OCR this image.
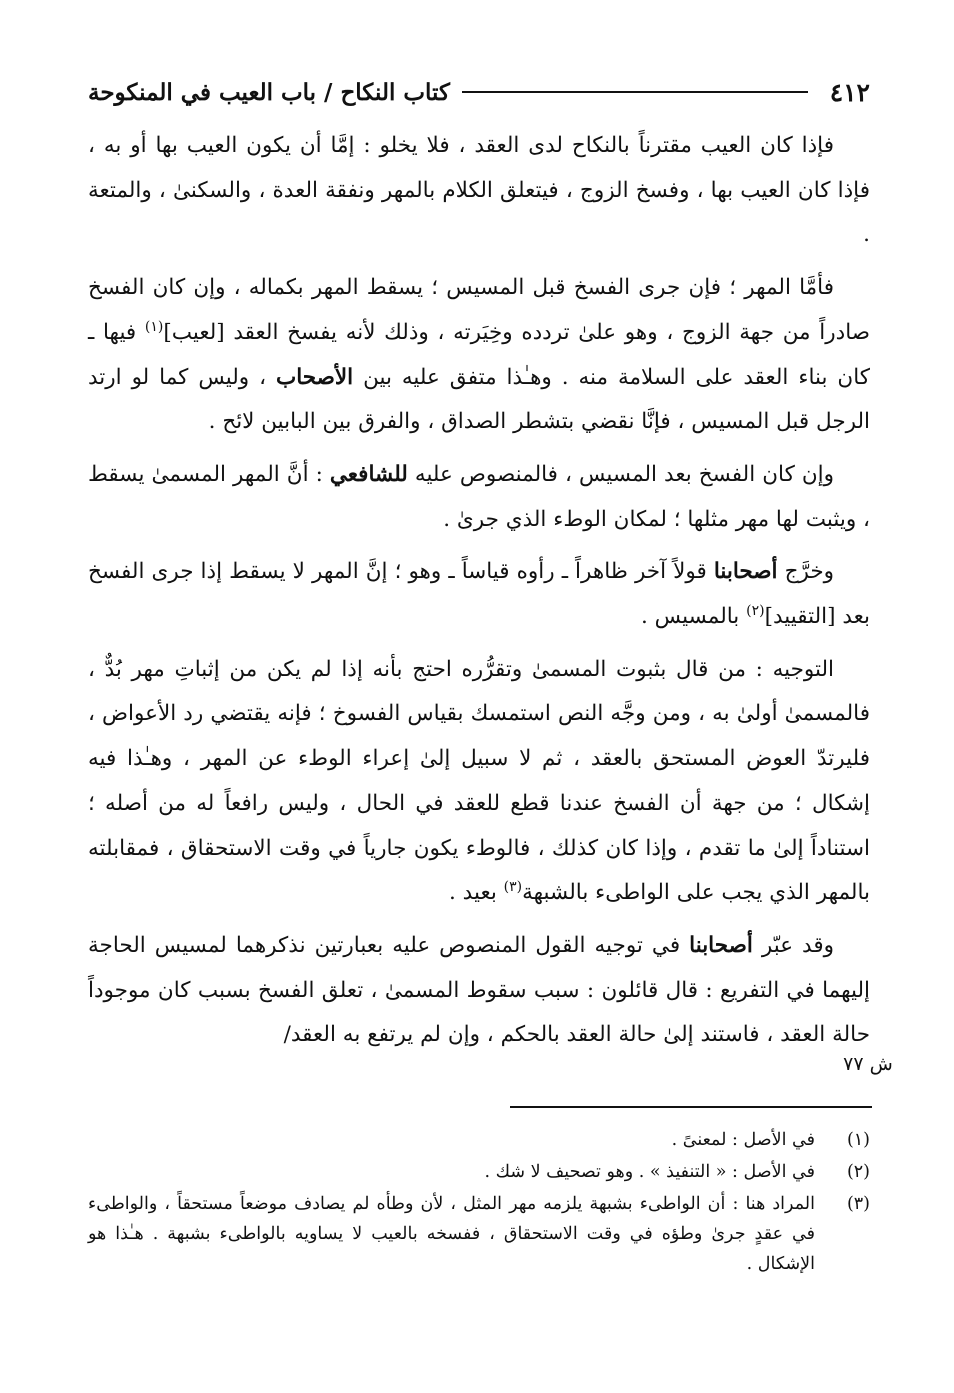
٤١٢
كتاب النكاح / باب العيب في المنكوحة

فإذا كان العيب مقترناً بالنكاح لدى العقد ، فلا يخلو : إمَّا أن يكون العيب بها أو به ، فإذا كان العيب بها ، وفسخ الزوج ، فيتعلق الكلام بالمهر ونفقة العدة ، والسكنىٰ ، والمتعة .

فأمَّا المهر ؛ فإن جرى الفسخ قبل المسيس ؛ يسقط المهر بكماله ، وإن كان الفسخ صادراً من جهة الزوج ، وهو علىٰ تردده وخِيَرته ، وذلك لأنه يفسخ العقد [لعيب]$^{(١)}$ فيها ـ كان بناء العقد على السلامة منه . وهـٰذا متفق عليه بين الأصحاب ، وليس كما لو ارتد الرجل قبل المسيس ، فإنَّا نقضي بتشطر الصداق ، والفرق بين البابين لائح .

وإن كان الفسخ بعد المسيس ، فالمنصوص عليه للشافعي : أنَّ المهر المسمىٰ يسقط ، ويثبت لها مهر مثلها ؛ لمكان الوطء الذي جرىٰ .

وخرَّج أصحابنا قولاً آخر ظاهراً ـ رأوه قياساً ـ وهو ؛ إنَّ المهر لا يسقط إذا جرى الفسخ بعد [التقييد]$^{(٢)}$ بالمسيس .

التوجيه : من قال بثبوت المسمىٰ وتقرُّره احتج بأنه إذا لم يكن من إثباتِ مهر بُدٌّ ، فالمسمىٰ أولىٰ به ، ومن وجَّه النص استمسك بقياس الفسوخ ؛ فإنه يقتضي رد الأعواض ، فليرتدّ العوض المستحق بالعقد ، ثم لا سبيل إلىٰ إعراء الوطء عن المهر ، وهـٰذا فيه إشكال ؛ من جهة أن الفسخ عندنا قطع للعقد في الحال ، وليس رافعاً له من أصله ؛ استناداً إلىٰ ما تقدم ، وإذا كان كذلك ، فالوطء يكون جارياً في وقت الاستحقاق ، فمقابلته بالمهر الذي يجب على الواطىء بالشبهة$^{(٣)}$ بعيد .

وقد عبّر أصحابنا في توجيه القول المنصوص عليه بعبارتين نذكرهما لمسيس الحاجة إليهما في التفريع : قال قائلون : سبب سقوط المسمىٰ ، تعلق الفسخ بسبب كان موجوداً حالة العقد ، فاستند إلىٰ حالة العقد بالحكم ، وإن لم يرتفع به العقد/

ش ٧٧
(١)
في الأصل : لمعنىً .
(٢)
في الأصل : « التنفيذ » . وهو تصحيف لا شك .
(٣)
المراد هنا : أن الواطىء بشبهة يلزمه مهر المثل ، لأن وطأه لم يصادف موضعاً مستحقاً ، والواطىء في عقدٍ جرىٰ وطؤه في وقت الاستحقاق ، ففسخه بالعيب لا يساويه بالواطىء بشبهة . هـٰذا هو الإشكال .
